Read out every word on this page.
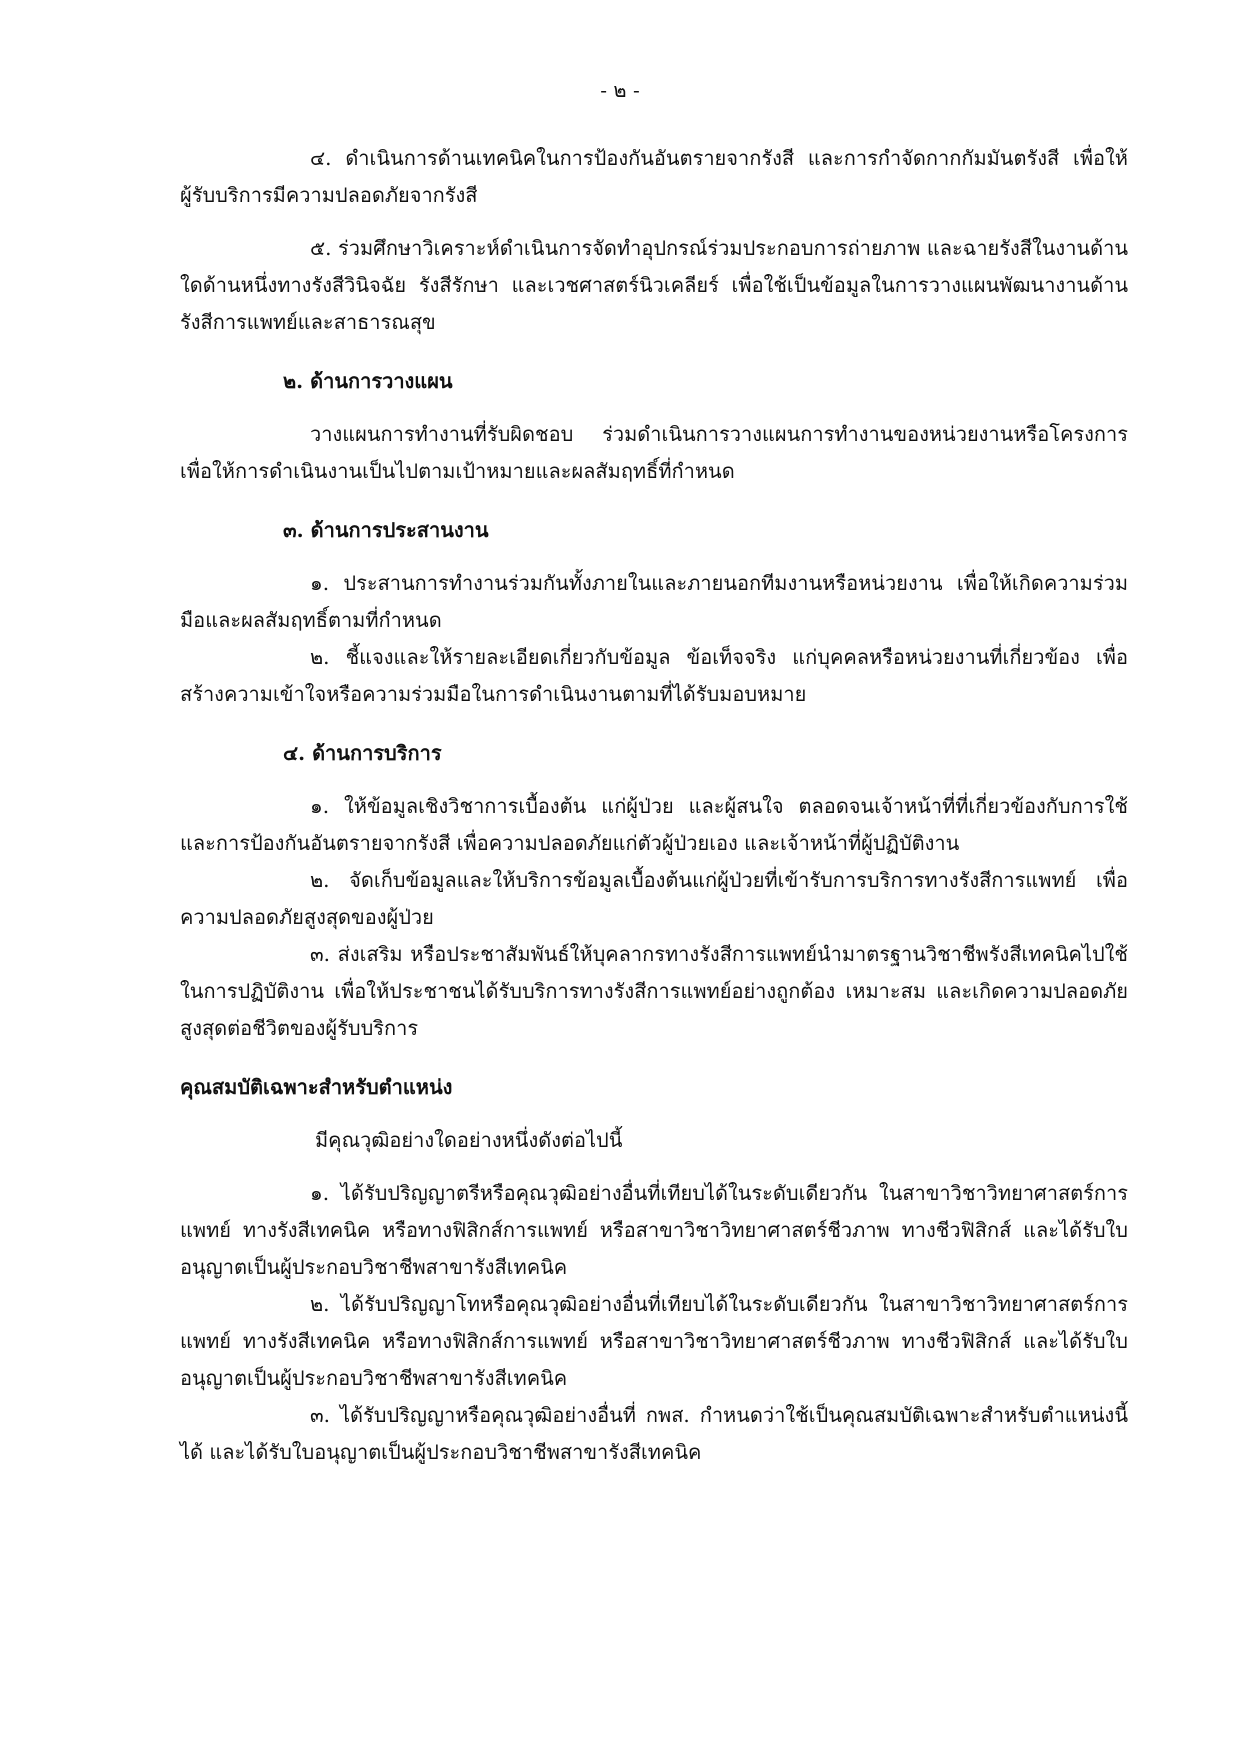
- ๒ -

๔. ดำเนินการด้านเทคนิคในการป้องกันอันตรายจากรังสี และการกำจัดกากกัมมันตรังสี เพื่อให้ผู้รับบริการมีความปลอดภัยจากรังสี

๕. ร่วมศึกษาวิเคราะห์ดำเนินการจัดทำอุปกรณ์ร่วมประกอบการถ่ายภาพ และฉายรังสีในงานด้านใดด้านหนึ่งทางรังสีวินิจฉัย รังสีรักษา และเวชศาสตร์นิวเคลียร์ เพื่อใช้เป็นข้อมูลในการวางแผนพัฒนางานด้านรังสีการแพทย์และสาธารณสุข

๒. ด้านการวางแผน

วางแผนการทำงานที่รับผิดชอบ ร่วมดำเนินการวางแผนการทำงานของหน่วยงานหรือโครงการ เพื่อให้การดำเนินงานเป็นไปตามเป้าหมายและผลสัมฤทธิ์ที่กำหนด

๓. ด้านการประสานงาน

๑. ประสานการทำงานร่วมกันทั้งภายในและภายนอกทีมงานหรือหน่วยงาน เพื่อให้เกิดความร่วมมือและผลสัมฤทธิ์ตามที่กำหนด

๒. ชี้แจงและให้รายละเอียดเกี่ยวกับข้อมูล ข้อเท็จจริง แก่บุคคลหรือหน่วยงานที่เกี่ยวข้อง เพื่อสร้างความเข้าใจหรือความร่วมมือในการดำเนินงานตามที่ได้รับมอบหมาย

๔. ด้านการบริการ

๑. ให้ข้อมูลเชิงวิชาการเบื้องต้น แก่ผู้ป่วย และผู้สนใจ ตลอดจนเจ้าหน้าที่ที่เกี่ยวข้องกับการใช้และการป้องกันอันตรายจากรังสี เพื่อความปลอดภัยแก่ตัวผู้ป่วยเอง และเจ้าหน้าที่ผู้ปฏิบัติงาน

๒. จัดเก็บข้อมูลและให้บริการข้อมูลเบื้องต้นแก่ผู้ป่วยที่เข้ารับการบริการทางรังสีการแพทย์ เพื่อความปลอดภัยสูงสุดของผู้ป่วย

๓. ส่งเสริม หรือประชาสัมพันธ์ให้บุคลากรทางรังสีการแพทย์นำมาตรฐานวิชาชีพรังสีเทคนิคไปใช้ในการปฏิบัติงาน เพื่อให้ประชาชนได้รับบริการทางรังสีการแพทย์อย่างถูกต้อง เหมาะสม และเกิดความปลอดภัยสูงสุดต่อชีวิตของผู้รับบริการ

คุณสมบัติเฉพาะสำหรับตำแหน่ง

มีคุณวุฒิอย่างใดอย่างหนึ่งดังต่อไปนี้

๑. ได้รับปริญญาตรีหรือคุณวุฒิอย่างอื่นที่เทียบได้ในระดับเดียวกัน ในสาขาวิชาวิทยาศาสตร์การแพทย์ ทางรังสีเทคนิค หรือทางฟิสิกส์การแพทย์ หรือสาขาวิชาวิทยาศาสตร์ชีวภาพ ทางชีวฟิสิกส์ และได้รับใบอนุญาตเป็นผู้ประกอบวิชาชีพสาขารังสีเทคนิค

๒. ได้รับปริญญาโทหรือคุณวุฒิอย่างอื่นที่เทียบได้ในระดับเดียวกัน ในสาขาวิชาวิทยาศาสตร์การแพทย์ ทางรังสีเทคนิค หรือทางฟิสิกส์การแพทย์ หรือสาขาวิชาวิทยาศาสตร์ชีวภาพ ทางชีวฟิสิกส์ และได้รับใบอนุญาตเป็นผู้ประกอบวิชาชีพสาขารังสีเทคนิค

๓. ได้รับปริญญาหรือคุณวุฒิอย่างอื่นที่ กพส. กำหนดว่าใช้เป็นคุณสมบัติเฉพาะสำหรับตำแหน่งนี้ได้ และได้รับใบอนุญาตเป็นผู้ประกอบวิชาชีพสาขารังสีเทคนิค
